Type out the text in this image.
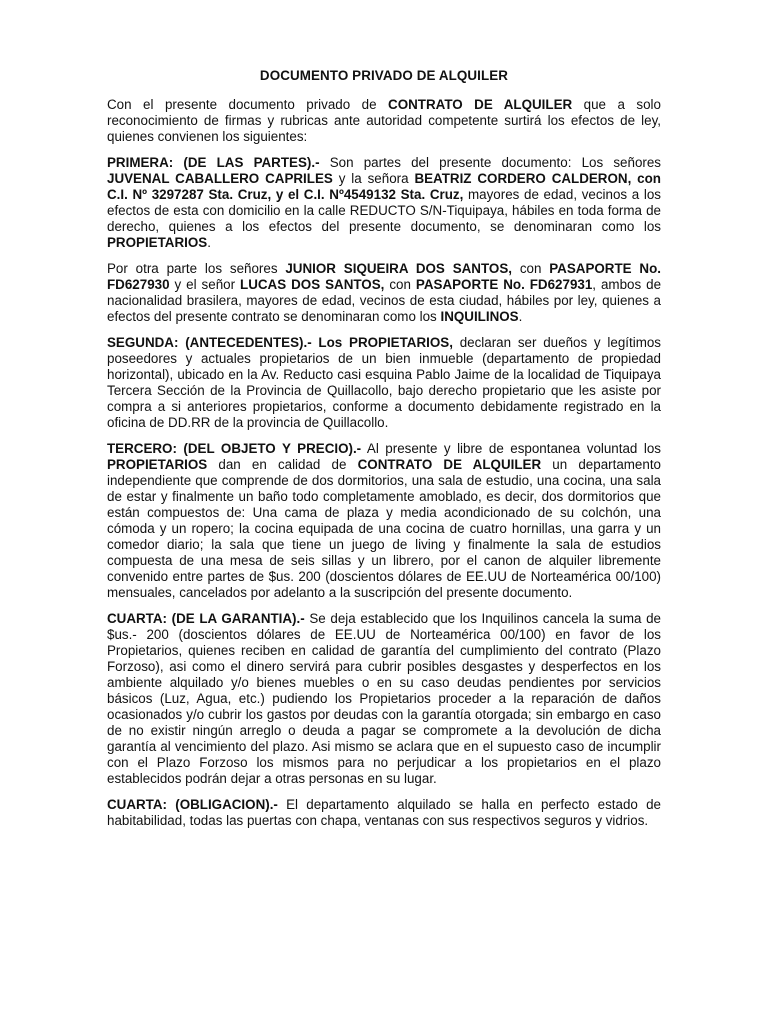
DOCUMENTO PRIVADO DE ALQUILER

Con el presente documento privado de CONTRATO DE ALQUILER que a solo reconocimiento de firmas y rubricas ante autoridad competente surtirá los efectos de ley, quienes convienen los siguientes:

PRIMERA: (DE LAS PARTES).- Son partes del presente documento: Los señores JUVENAL CABALLERO CAPRILES y la señora BEATRIZ CORDERO CALDERON, con C.I. Nº 3297287 Sta. Cruz, y el C.I. Nº4549132 Sta. Cruz, mayores de edad, vecinos a los efectos de esta con domicilio en la calle REDUCTO S/N-Tiquipaya, hábiles en toda forma de derecho, quienes a los efectos del presente documento, se denominaran como los PROPIETARIOS.

Por otra parte los señores JUNIOR SIQUEIRA DOS SANTOS, con PASAPORTE No. FD627930 y el señor LUCAS DOS SANTOS, con PASAPORTE No. FD627931, ambos de nacionalidad brasilera, mayores de edad, vecinos de esta ciudad, hábiles por ley, quienes a efectos del presente contrato se denominaran como los INQUILINOS.

SEGUNDA: (ANTECEDENTES).- Los PROPIETARIOS, declaran ser dueños y legítimos poseedores y actuales propietarios de un bien inmueble (departamento de propiedad horizontal), ubicado en la Av. Reducto casi esquina Pablo Jaime de la localidad de Tiquipaya Tercera Sección de la Provincia de Quillacollo, bajo derecho propietario que les asiste por compra a si anteriores propietarios, conforme a documento debidamente registrado en la oficina de DD.RR de la provincia de Quillacollo.

TERCERO: (DEL OBJETO Y PRECIO).- Al presente y libre de espontanea voluntad los PROPIETARIOS dan en calidad de CONTRATO DE ALQUILER un departamento independiente que comprende de dos dormitorios, una sala de estudio, una cocina, una sala de estar y finalmente un baño todo completamente amoblado, es decir, dos dormitorios que están compuestos de: Una cama de plaza y media acondicionado de su colchón, una cómoda y un ropero; la cocina equipada de una cocina de cuatro hornillas, una garra y un comedor diario; la sala que tiene un juego de living y finalmente la sala de estudios compuesta de una mesa de seis sillas y un librero, por el canon de alquiler libremente convenido entre partes de $us. 200 (doscientos dólares de EE.UU de Norteamérica 00/100) mensuales, cancelados por adelanto a la suscripción del presente documento.

CUARTA: (DE LA GARANTIA).- Se deja establecido que los Inquilinos cancela la suma de $us.- 200 (doscientos dólares de EE.UU de Norteamérica 00/100) en favor de los Propietarios, quienes reciben en calidad de garantía del cumplimiento del contrato (Plazo Forzoso), asi como el dinero servirá para cubrir posibles desgastes y desperfectos en los ambiente alquilado y/o bienes muebles o en su caso deudas pendientes por servicios básicos (Luz, Agua, etc.) pudiendo los Propietarios proceder a la reparación de daños ocasionados y/o cubrir los gastos por deudas con la garantía otorgada; sin embargo en caso de no existir ningún arreglo o deuda a pagar se compromete a la devolución de dicha garantía al vencimiento del plazo. Asi mismo se aclara que en el supuesto caso de incumplir con el Plazo Forzoso los mismos para no perjudicar a los propietarios en el plazo establecidos podrán dejar a otras personas en su lugar.

CUARTA: (OBLIGACION).- El departamento alquilado se halla en perfecto estado de habitabilidad, todas las puertas con chapa, ventanas con sus respectivos seguros y vidrios.
